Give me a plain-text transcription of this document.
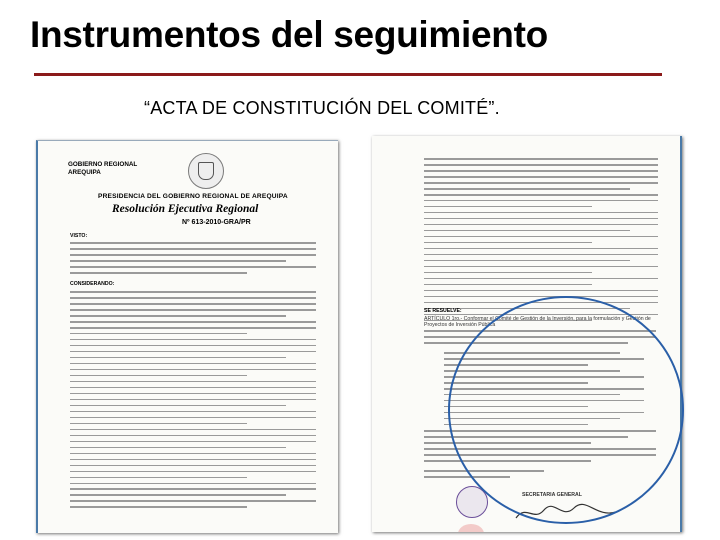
Instrumentos del seguimiento
“ACTA DE CONSTITUCIÓN DEL COMITÉ”.
GOBIERNO REGIONAL
AREQUIPA
PRESIDENCIA DEL GOBIERNO REGIONAL DE AREQUIPA
Resolución Ejecutiva Regional
Nº 613-2010-GRA/PR
VISTO:
CONSIDERANDO:
SE RESUELVE:
ARTÍCULO 1ro.- Conformar el Comité de Gestión de la Inversión, para la formulación y Gestión de Proyectos de Inversión Pública
SECRETARIA GENERAL
